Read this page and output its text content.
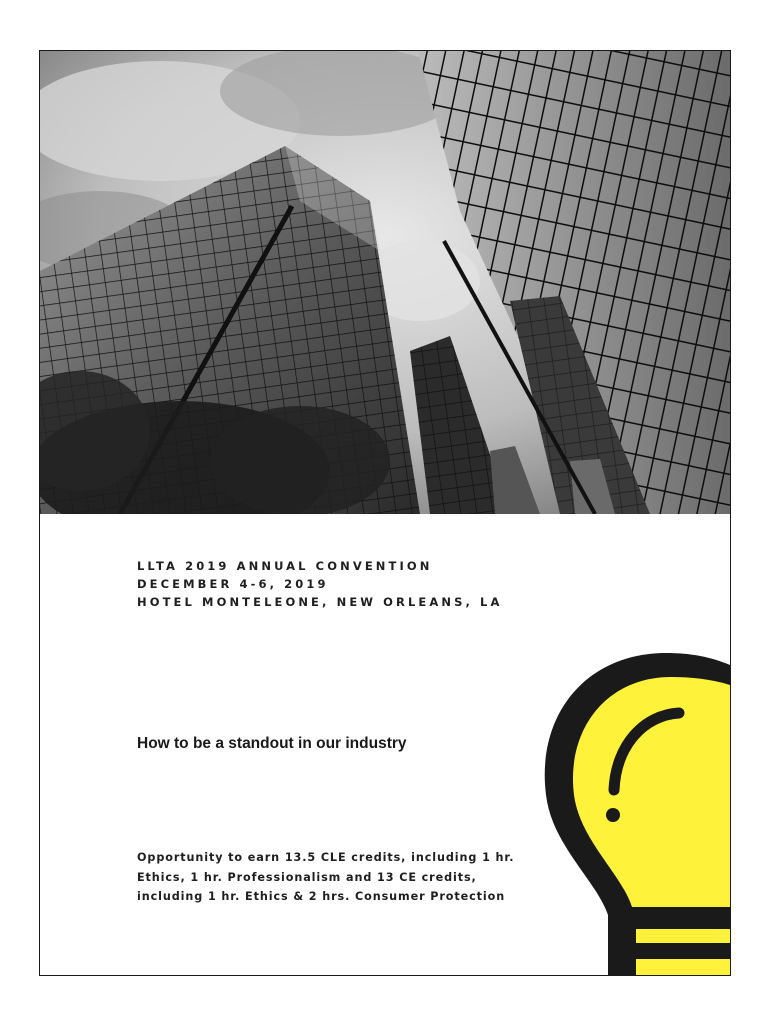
LLTA 2019 ANNUAL CONVENTION
DECEMBER 4-6, 2019
HOTEL MONTELEONE, NEW ORLEANS, LA
How to be a standout in our industry
Opportunity to earn 13.5 CLE credits, including 1 hr.
Ethics, 1 hr. Professionalism and 13 CE credits,
including 1 hr. Ethics & 2 hrs. Consumer Protection
